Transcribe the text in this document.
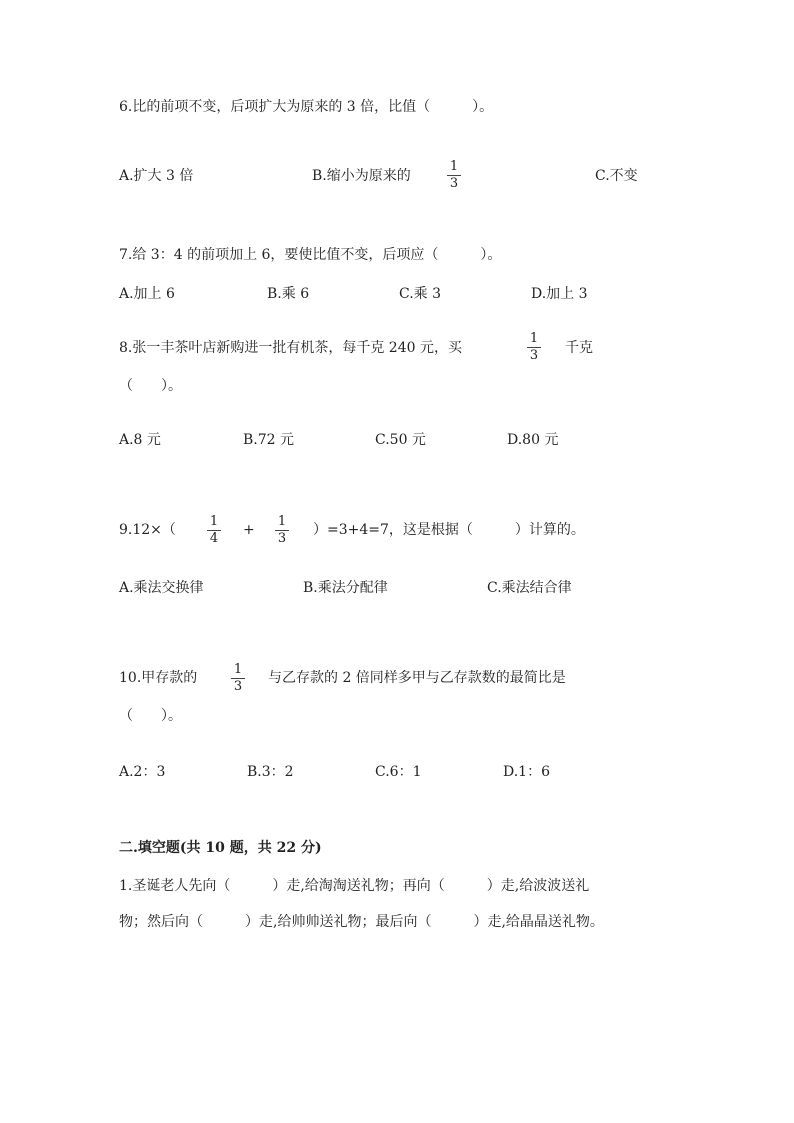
6.比的前项不变，后项扩大为原来的 3 倍，比值（　　　）。
A.扩大 3 倍	B.缩小为原来的
1
3	C.不变
7.给 3：4 的前项加上 6，要使比值不变，后项应（　　　）。
A.加上 6	B.乘 6	C.乘 3	D.加上 3
8.张一丰茶叶店新购进一批有机茶，每千克 240 元，买
1
3 千克
（　　）。
A.8 元	B.72 元	C.50 元	D.80 元
9.12×（
1
4
+
1
3
）=3+4=7，这是根据（　　　）计算的。
A.乘法交换律	B.乘法分配律	C.乘法结合律
10.甲存款的
1
3
与乙存款的 2 倍同样多甲与乙存款数的最简比是
（　　）。
A.2：3	B.3：2	C.6：1	D.1：6
二.填空题(共 10 题，共 22 分)
1.圣诞老人先向（　　　）走,给淘淘送礼物；再向（　　　）走,给波波送礼
物；然后向（　　　）走,给帅帅送礼物；最后向（　　　）走,给晶晶送礼物。
